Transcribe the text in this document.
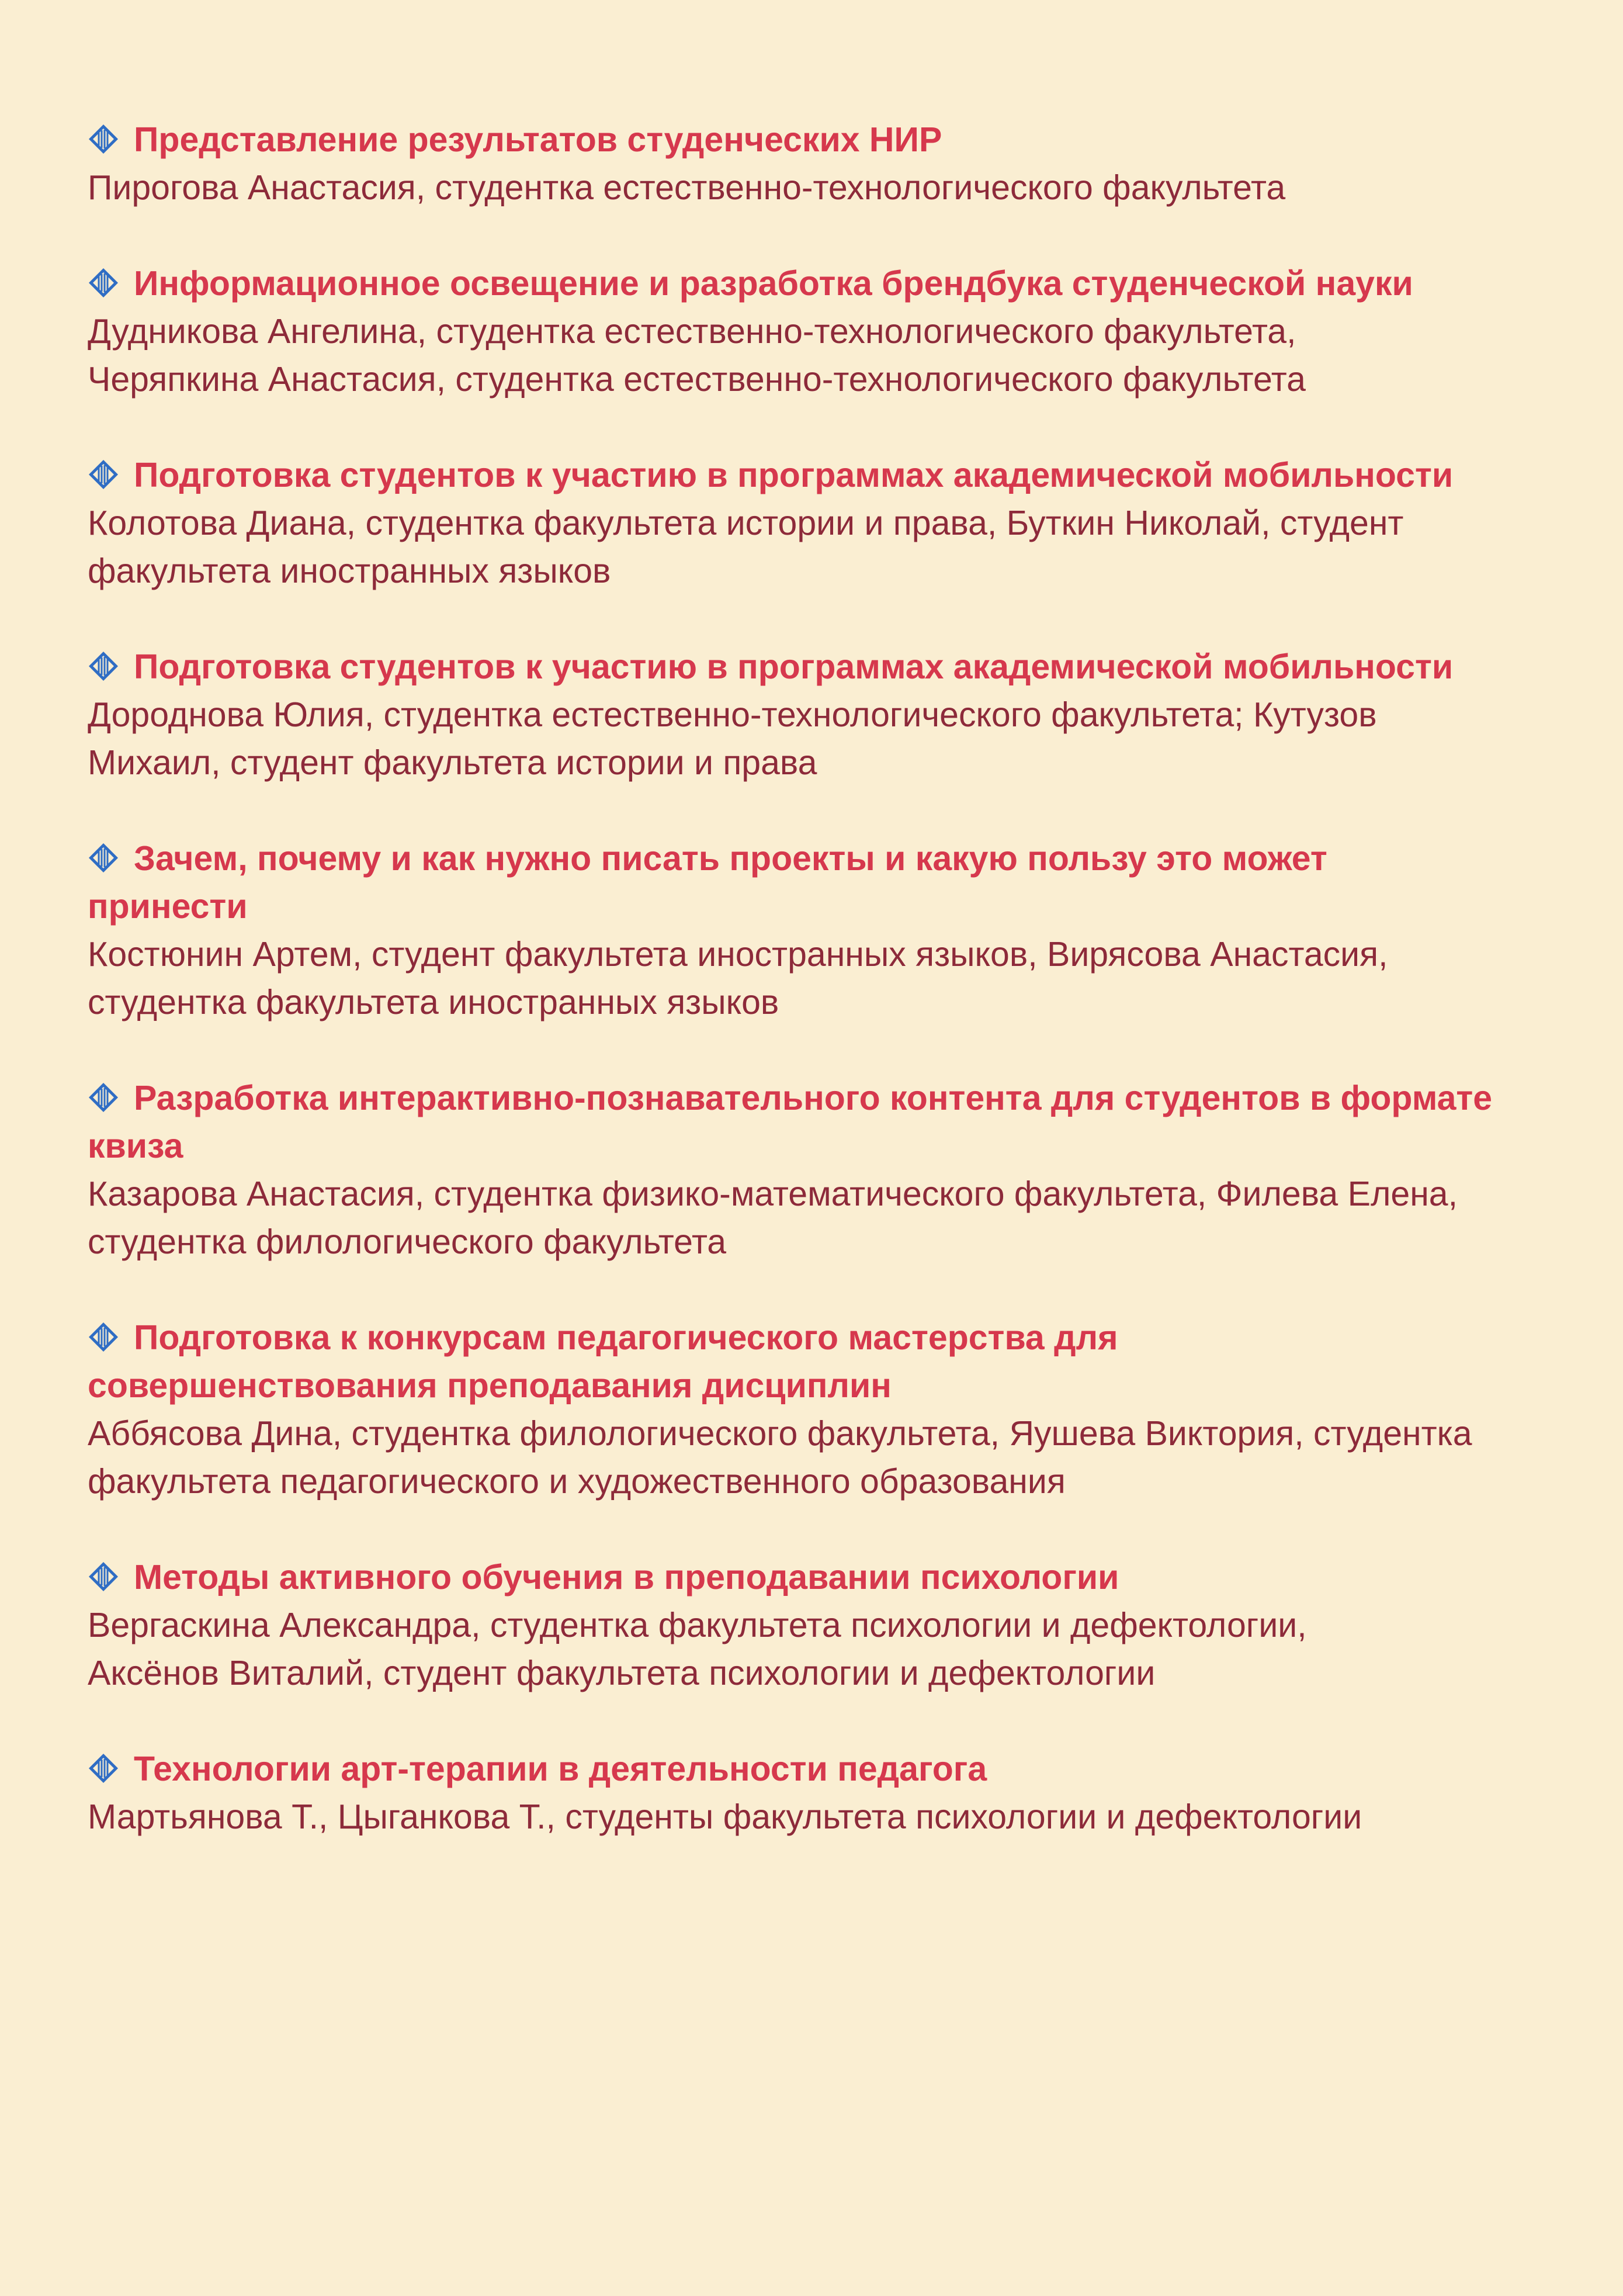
Представление результатов студенческих НИР
Пирогова Анастасия, студентка естественно-технологического факультета
Информационное освещение и разработка брендбука студенческой науки
Дудникова Ангелина, студентка естественно-технологического факультета, Черяпкина Анастасия, студентка естественно-технологического факультета
Подготовка студентов к участию в программах академической мобильности
Колотова Диана, студентка факультета истории и права, Буткин Николай, студент факультета иностранных языков
Подготовка студентов к участию в программах академической мобильности
Дороднова Юлия, студентка естественно-технологического факультета; Кутузов Михаил, студент факультета истории и права
Зачем, почему и как нужно писать проекты и какую пользу это может принести
Костюнин Артем, студент факультета иностранных языков, Вирясова Анастасия, студентка факультета иностранных языков
Разработка интерактивно-познавательного контента для студентов в формате квиза
Казарова Анастасия, студентка физико-математического факультета, Филева Елена, студентка филологического факультета
Подготовка к конкурсам педагогического мастерства для совершенствования преподавания дисциплин
Аббясова Дина, студентка филологического факультета, Яушева Виктория, студентка факультета педагогического и художественного образования
Методы активного обучения в преподавании психологии
Вергаскина Александра, студентка факультета психологии и дефектологии, Аксёнов Виталий, студент факультета психологии и дефектологии
Технологии арт-терапии в деятельности педагога
Мартьянова Т., Цыганкова Т., студенты факультета психологии и дефектологии
